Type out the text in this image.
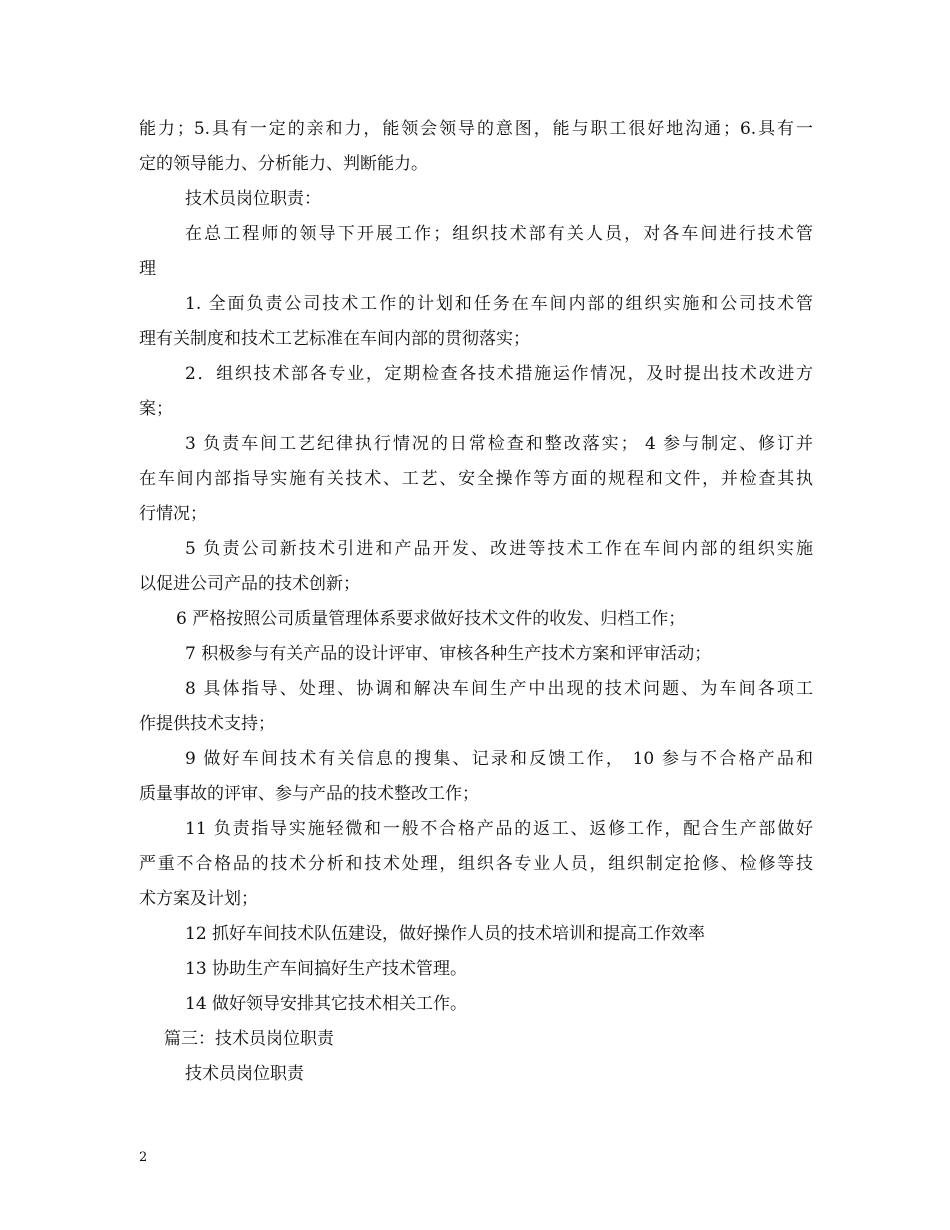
能力；5.具有一定的亲和力，能领会领导的意图，能与职工很好地沟通；6.具有一
定的领导能力、分析能力、判断能力。
技术员岗位职责：
在总工程师的领导下开展工作；组织技术部有关人员，对各车间进行技术管
理
1. 全面负责公司技术工作的计划和任务在车间内部的组织实施和公司技术管
理有关制度和技术工艺标准在车间内部的贯彻落实；
2．组织技术部各专业，定期检查各技术措施运作情况，及时提出技术改进方
案；
3 负责车间工艺纪律执行情况的日常检查和整改落实； 4 参与制定、修订并
在车间内部指导实施有关技术、工艺、安全操作等方面的规程和文件，并检查其执
行情况；
5 负责公司新技术引进和产品开发、改进等技术工作在车间内部的组织实施
以促进公司产品的技术创新；
6 严格按照公司质量管理体系要求做好技术文件的收发、归档工作；
7 积极参与有关产品的设计评审、审核各种生产技术方案和评审活动；
8 具体指导、处理、协调和解决车间生产中出现的技术问题、为车间各项工
作提供技术支持；
9 做好车间技术有关信息的搜集、记录和反馈工作， 10 参与不合格产品和
质量事故的评审、参与产品的技术整改工作；
11 负责指导实施轻微和一般不合格产品的返工、返修工作，配合生产部做好
严重不合格品的技术分析和技术处理，组织各专业人员，组织制定抢修、检修等技
术方案及计划；
12 抓好车间技术队伍建设，做好操作人员的技术培训和提高工作效率
13 协助生产车间搞好生产技术管理。
14 做好领导安排其它技术相关工作。
篇三：技术员岗位职责
技术员岗位职责
2
